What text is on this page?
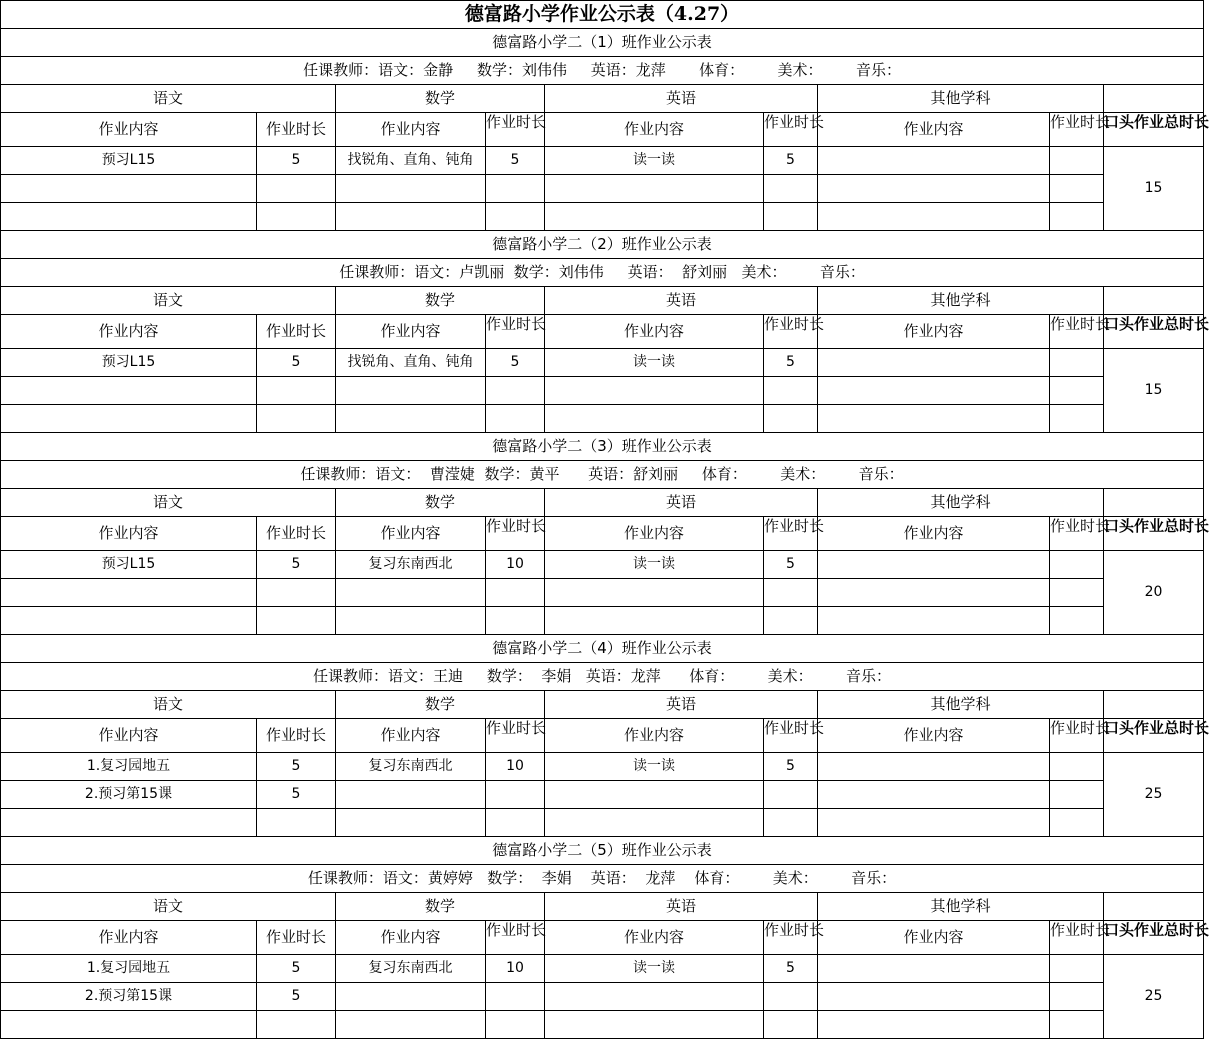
德富路小学作业公示表（4.27）								
德富路小学二（1）班作业公示表								
任课教师：语文：金静     数学：刘伟伟     英语：龙萍       体育：       美术：       音乐：								
语文		数学		英语		其他学科		
作业内容	作业时长	作业内容	作业时长	作业内容	作业时长	作业内容	作业时长	口头作业总时长

预习L15	5	找锐角、直角、钝角	5	读一读	5			15

德富路小学二（2）班作业公示表								
任课教师：语文：卢凯丽  数学：刘伟伟     英语：  舒刘丽   美术：       音乐：								
语文		数学		英语		其他学科		
作业内容	作业时长	作业内容	作业时长	作业内容	作业时长	作业内容	作业时长	口头作业总时长

预习L15	5	找锐角、直角、钝角	5	读一读	5			15

德富路小学二（3）班作业公示表								
任课教师：语文：  曹滢婕  数学：黄平      英语：舒刘丽     体育：       美术：       音乐：								
语文		数学		英语		其他学科		
作业内容	作业时长	作业内容	作业时长	作业内容	作业时长	作业内容	作业时长	口头作业总时长

预习L15	5	复习东南西北	10	读一读	5			20

德富路小学二（4）班作业公示表								
任课教师：语文：王迪     数学：  李娟   英语：龙萍      体育：       美术：       音乐：								
语文		数学		英语		其他学科		
作业内容	作业时长	作业内容	作业时长	作业内容	作业时长	作业内容	作业时长	口头作业总时长

1.复习园地五	5	复习东南西北	10	读一读	5			25
2.预习第15课	5							

德富路小学二（5）班作业公示表								
任课教师：语文：黄婷婷   数学：  李娟    英语：  龙萍    体育：       美术：       音乐：								
语文		数学		英语		其他学科		
作业内容	作业时长	作业内容	作业时长	作业内容	作业时长	作业内容	作业时长	口头作业总时长

1.复习园地五	5	复习东南西北	10	读一读	5			25
2.预习第15课	5							
